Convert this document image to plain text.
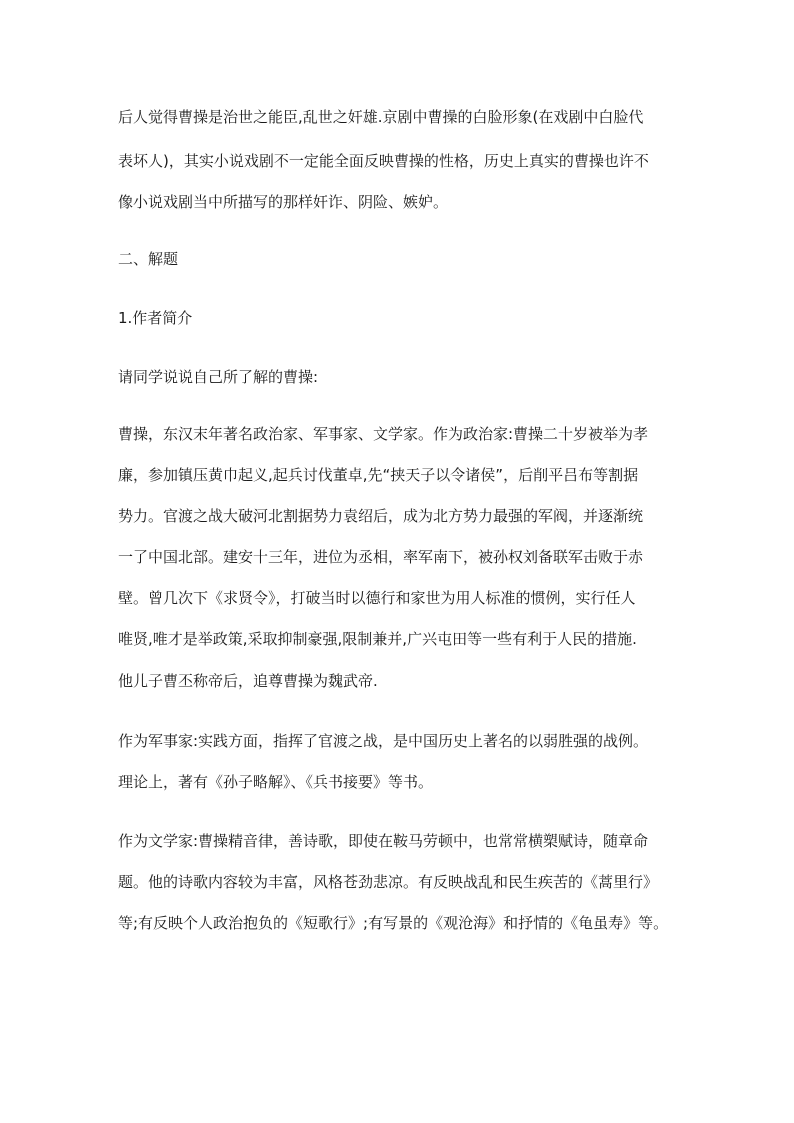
后人觉得曹操是治世之能臣,乱世之奸雄.京剧中曹操的白脸形象(在戏剧中白脸代
表坏人)，其实小说戏剧不一定能全面反映曹操的性格，历史上真实的曹操也许不
像小说戏剧当中所描写的那样奸诈、阴险、嫉妒。
二、解题
1.作者简介
请同学说说自己所了解的曹操:
曹操，东汉末年著名政治家、军事家、文学家。作为政治家:曹操二十岁被举为孝
廉，参加镇压黄巾起义,起兵讨伐董卓,先“挟天子以令诸侯”，后削平吕布等割据
势力。官渡之战大破河北割据势力袁绍后，成为北方势力最强的军阀，并逐渐统
一了中国北部。建安十三年，进位为丞相，率军南下，被孙权刘备联军击败于赤
壁。曾几次下《求贤令》，打破当时以德行和家世为用人标准的惯例，实行任人
唯贤,唯才是举政策,采取抑制豪强,限制兼并,广兴屯田等一些有利于人民的措施.
他儿子曹丕称帝后，追尊曹操为魏武帝.
作为军事家:实践方面，指挥了官渡之战，是中国历史上著名的以弱胜强的战例。
理论上，著有《孙子略解》、《兵书接要》等书。
作为文学家:曹操精音律，善诗歌，即使在鞍马劳顿中，也常常横槊赋诗，随章命
题。他的诗歌内容较为丰富，风格苍劲悲凉。有反映战乱和民生疾苦的《蒿里行》
等;有反映个人政治抱负的《短歌行》;有写景的《观沧海》和抒情的《龟虽寿》等。
